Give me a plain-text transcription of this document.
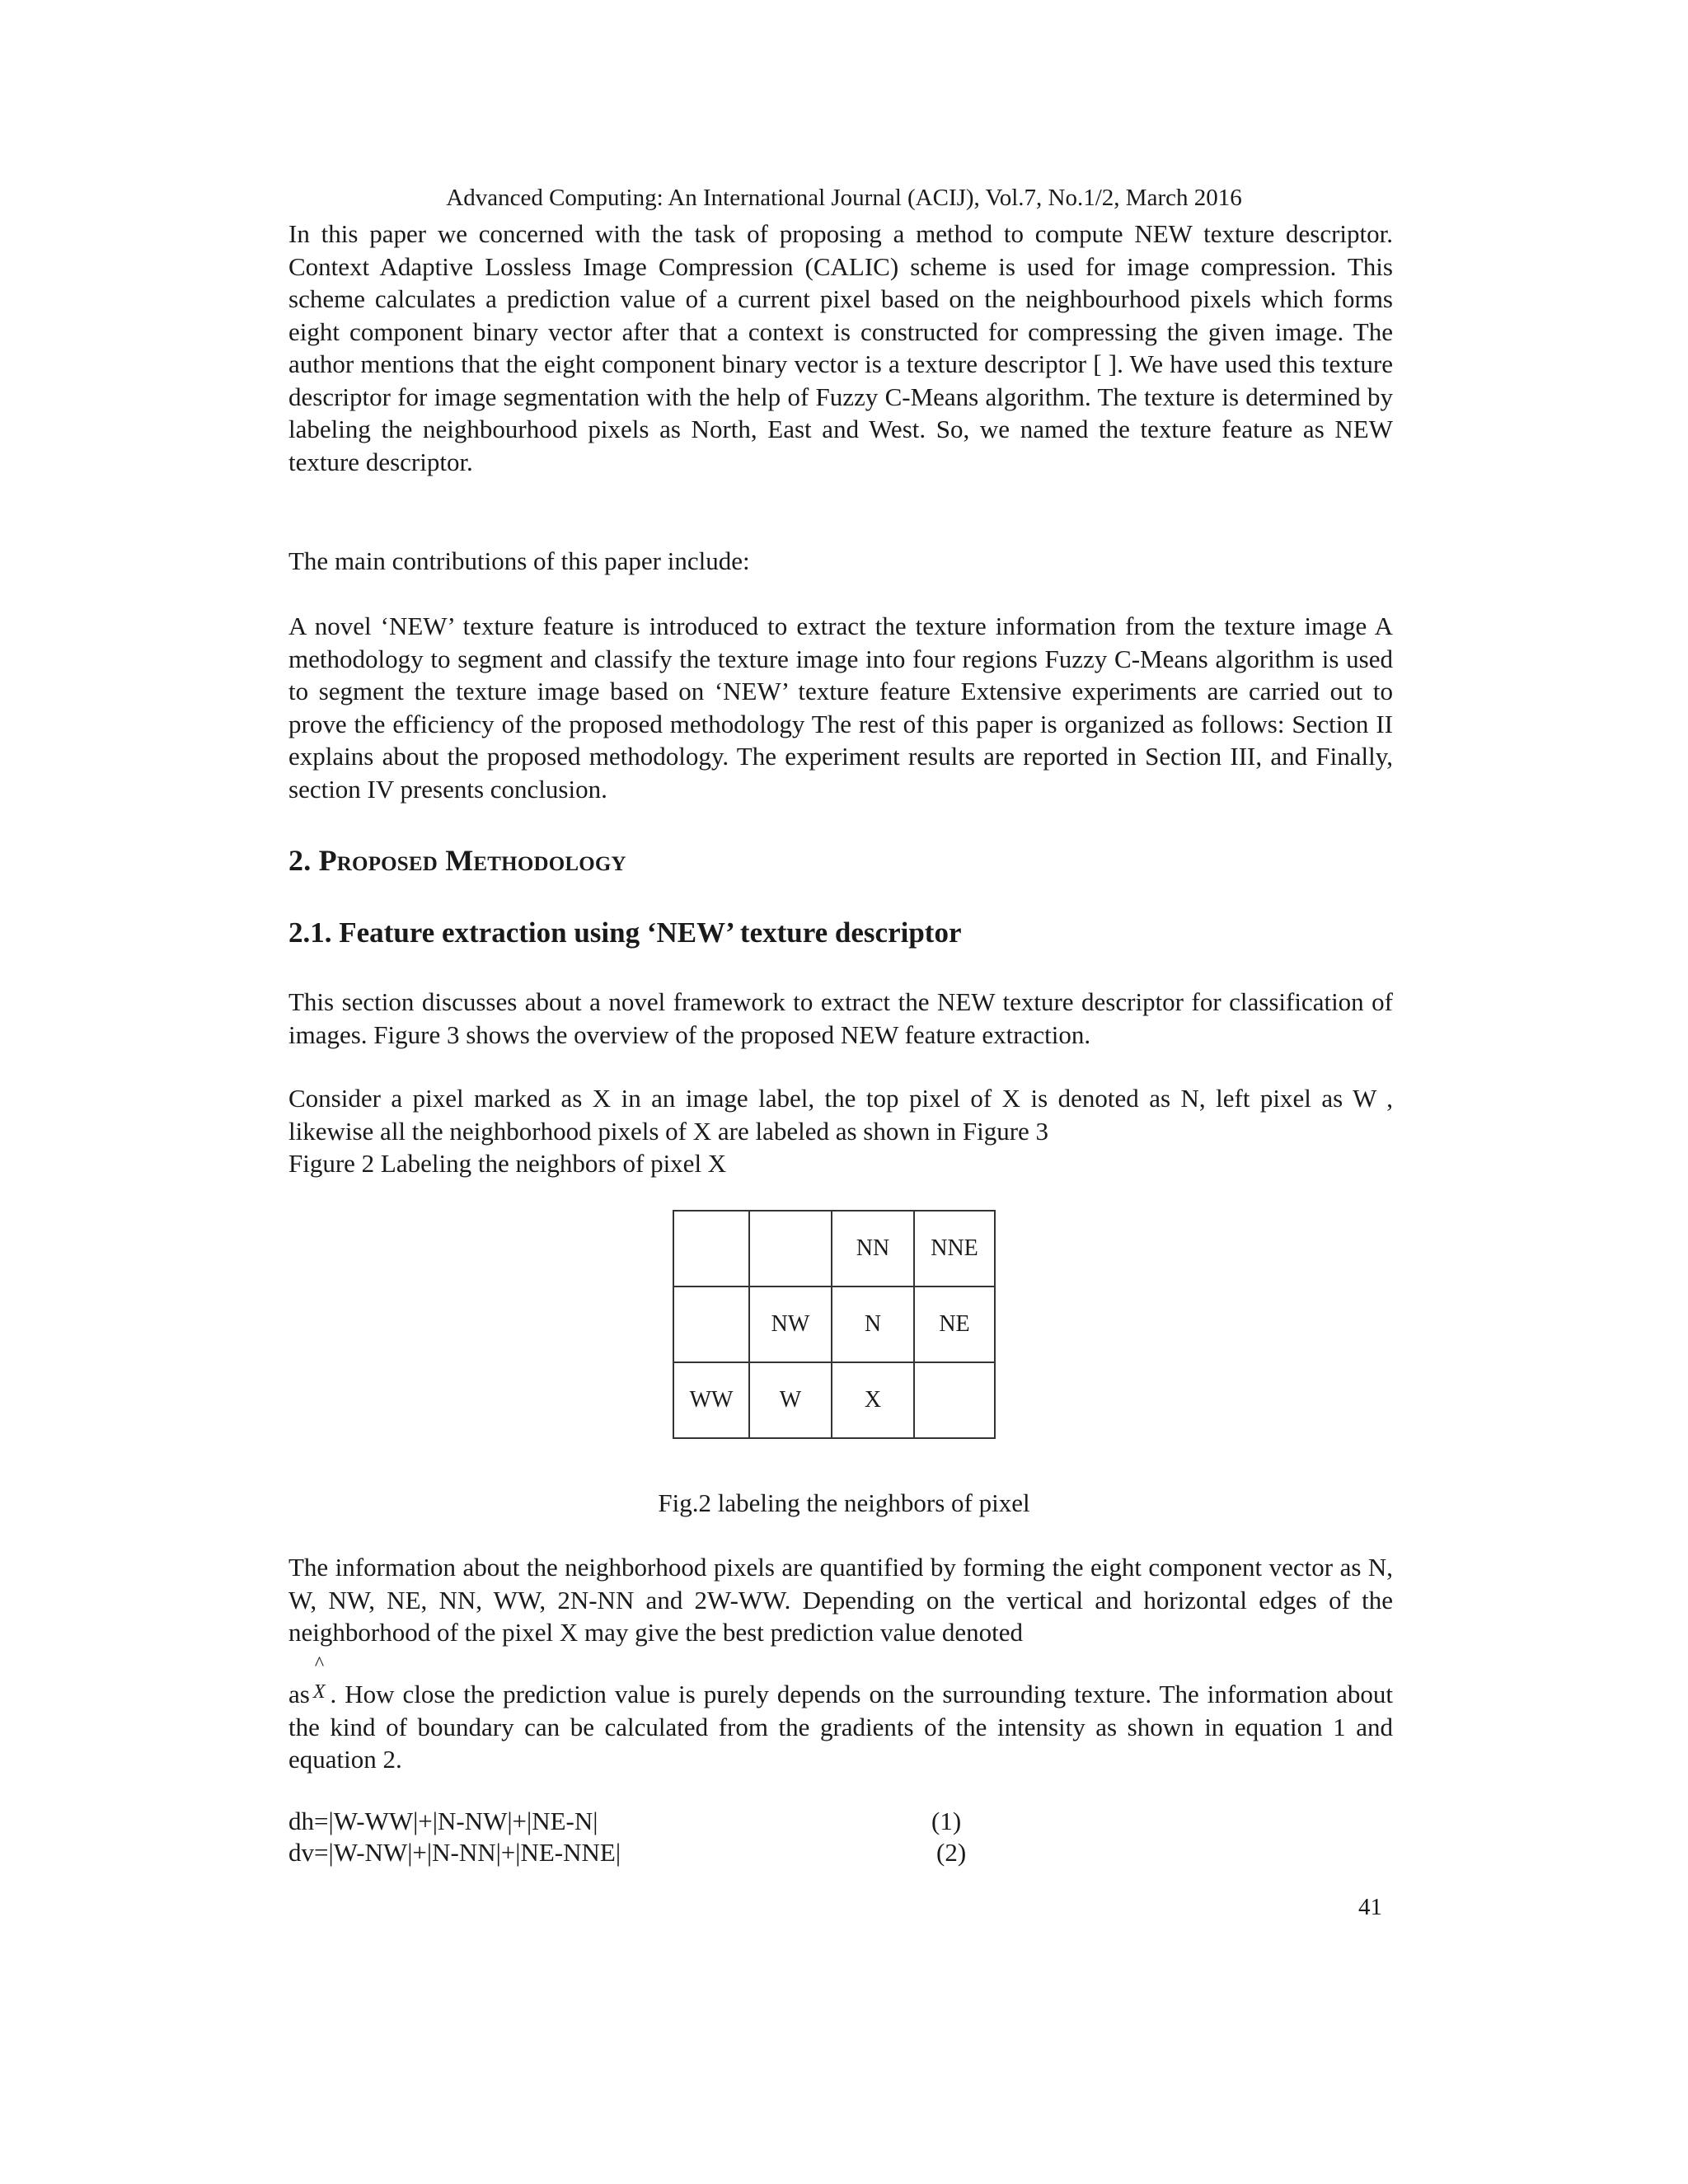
Advanced Computing: An International Journal (ACIJ), Vol.7, No.1/2, March 2016

In this paper we concerned with the task of proposing a method to compute NEW texture descriptor. Context Adaptive Lossless Image Compression (CALIC) scheme is used for image compression. This scheme calculates a prediction value of a current pixel based on the neighbourhood pixels which forms eight component binary vector after that a context is constructed for compressing the given image. The author mentions that the eight component binary vector is a texture descriptor [ ]. We have used this texture descriptor for image segmentation with the help of Fuzzy C-Means algorithm. The texture is determined by labeling the neighbourhood pixels as North, East and West. So, we named the texture feature as NEW texture descriptor.

The main contributions of this paper include:

A novel ‘NEW’ texture feature is introduced to extract the texture information from the texture image A methodology to segment and classify the texture image into four regions Fuzzy C-Means algorithm is used to segment the texture image based on ‘NEW’ texture feature Extensive experiments are carried out to prove the efficiency of the proposed methodology The rest of this paper is organized as follows: Section II explains about the proposed methodology. The experiment results are reported in Section III, and Finally, section IV presents conclusion.

2. Proposed Methodology
2.1. Feature extraction using ‘NEW’ texture descriptor

This section discusses about a novel framework to extract the NEW texture descriptor for classification of images. Figure 3 shows the overview of the proposed NEW feature extraction.

Consider a pixel marked as X in an image label, the top pixel of X is denoted as N, left pixel as W , likewise all the neighborhood pixels of X are labeled as shown in Figure 3

Figure 2 Labeling the neighbors of pixel X
		NN	NNE
	NW	N	NE
WW	W	X	
Fig.2 labeling the neighbors of pixel

The information about the neighborhood pixels are quantified by forming the eight component vector as N, W, NW, NE, NN, WW, 2N-NN and 2W-WW. Depending on the vertical and horizontal edges of the neighborhood of the pixel X may give the best prediction value denoted

as
^
X . How close the prediction value is purely depends on the surrounding texture. The information about the kind of boundary can be calculated from the gradients of the intensity as shown in equation 1 and equation 2.

dh=|W-WW|+|N-NW|+|NE-N|	(1)
dv=|W-NW|+|N-NN|+|NE-NNE|	(2)
41
